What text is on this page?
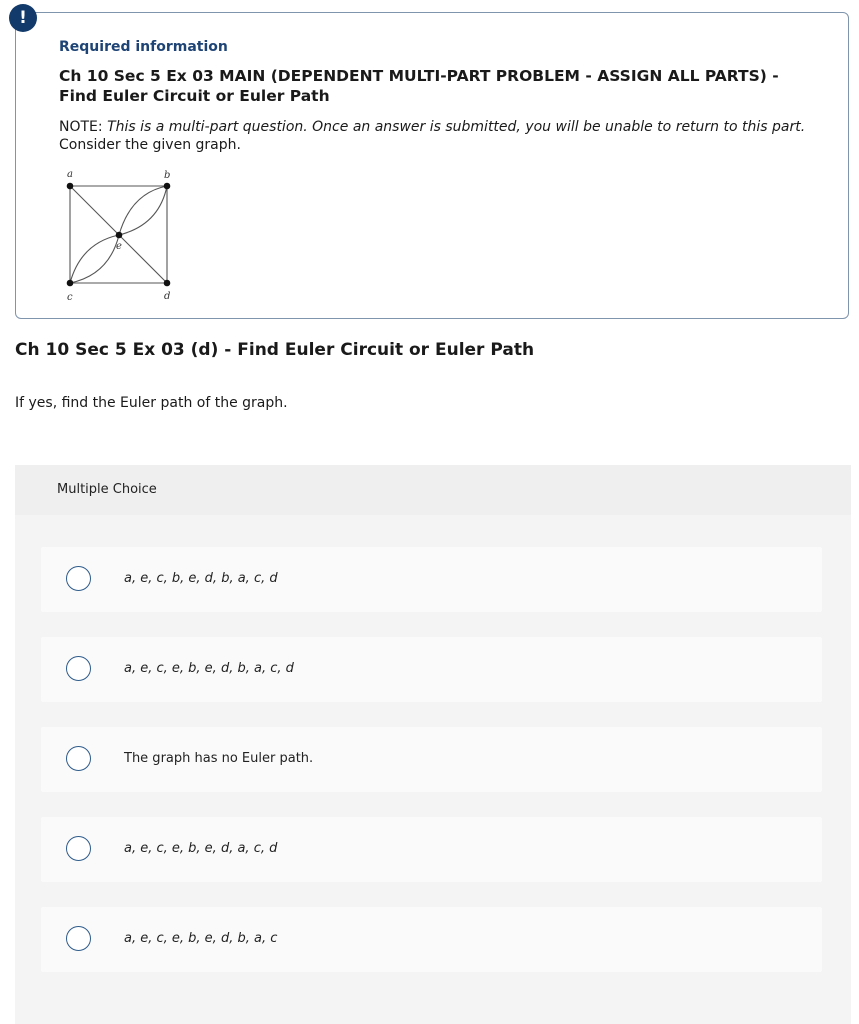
!
Required information
Ch 10 Sec 5 Ex 03 MAIN (DEPENDENT MULTI-PART PROBLEM - ASSIGN ALL PARTS) - Find Euler Circuit or Euler Path
NOTE: This is a multi-part question. Once an answer is submitted, you will be unable to return to this part.
Consider the given graph.
a	b
c	d
e
Ch 10 Sec 5 Ex 03 (d) - Find Euler Circuit or Euler Path
If yes, find the Euler path of the graph.
Multiple Choice
a, e, c, b, e, d, b, a, c, d
a, e, c, e, b, e, d, b, a, c, d
The graph has no Euler path.
a, e, c, e, b, e, d, a, c, d
a, e, c, e, b, e, d, b, a, c
